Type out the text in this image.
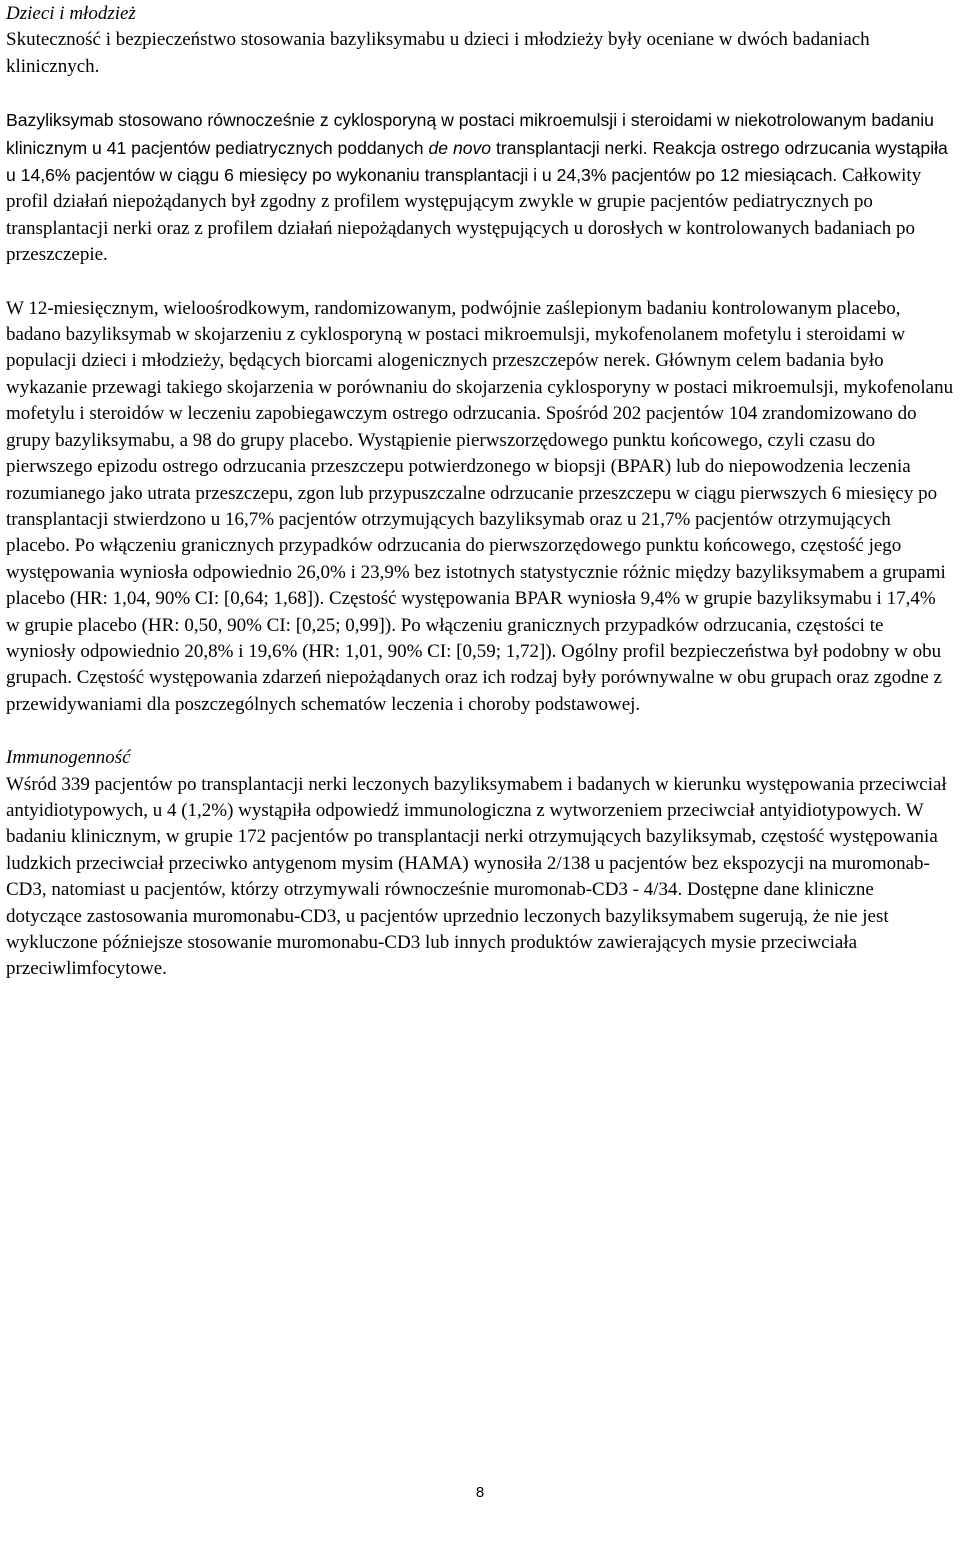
Dzieci i młodzież

Skuteczność i bezpieczeństwo stosowania bazyliksymabu u dzieci i młodzieży były oceniane w dwóch badaniach klinicznych.

Bazyliksymab stosowano równocześnie z cyklosporyną w postaci mikroemulsji i steroidami w niekotrolowanym badaniu klinicznym u 41 pacjentów pediatrycznych poddanych de novo transplantacji nerki. Reakcja ostrego odrzucania wystąpiła u 14,6% pacjentów w ciągu 6 miesięcy po wykonaniu transplantacji i u 24,3% pacjentów po 12 miesiącach. Całkowity profil działań niepożądanych był zgodny z profilem występującym zwykle w grupie pacjentów pediatrycznych po transplantacji nerki oraz z profilem działań niepożądanych występujących u dorosłych w kontrolowanych badaniach po przeszczepie.

W 12-miesięcznym, wieloośrodkowym, randomizowanym, podwójnie zaślepionym badaniu kontrolowanym placebo, badano bazyliksymab w skojarzeniu z cyklosporyną w postaci mikroemulsji, mykofenolanem mofetylu i steroidami w populacji dzieci i młodzieży, będących biorcami alogenicznych przeszczepów nerek. Głównym celem badania było wykazanie przewagi takiego skojarzenia w porównaniu do skojarzenia cyklosporyny w postaci mikroemulsji, mykofenolanu mofetylu i steroidów w leczeniu zapobiegawczym ostrego odrzucania. Spośród 202 pacjentów 104 zrandomizowano do grupy bazyliksymabu, a 98 do grupy placebo. Wystąpienie pierwszorzędowego punktu końcowego, czyli czasu do pierwszego epizodu ostrego odrzucania przeszczepu potwierdzonego w biopsji (BPAR) lub do niepowodzenia leczenia rozumianego jako utrata przeszczepu, zgon lub przypuszczalne odrzucanie przeszczepu w ciągu pierwszych 6 miesięcy po transplantacji stwierdzono u 16,7% pacjentów otrzymujących bazyliksymab oraz u 21,7% pacjentów otrzymujących placebo. Po włączeniu granicznych przypadków odrzucania do pierwszorzędowego punktu końcowego, częstość jego występowania wyniosła odpowiednio 26,0% i 23,9% bez istotnych statystycznie różnic między bazyliksymabem a grupami placebo (HR: 1,04, 90% CI: [0,64; 1,68]). Częstość występowania BPAR wyniosła 9,4% w grupie bazyliksymabu i 17,4% w grupie placebo (HR: 0,50, 90% CI: [0,25; 0,99]). Po włączeniu granicznych przypadków odrzucania, częstości te wyniosły odpowiednio 20,8% i 19,6% (HR: 1,01, 90% CI: [0,59; 1,72]). Ogólny profil bezpieczeństwa był podobny w obu grupach. Częstość występowania zdarzeń niepożądanych oraz ich rodzaj były porównywalne w obu grupach oraz zgodne z przewidywaniami dla poszczególnych schematów leczenia i choroby podstawowej.

Immunogenność

Wśród 339 pacjentów po transplantacji nerki leczonych bazyliksymabem i badanych w kierunku występowania przeciwciał antyidiotypowych, u 4 (1,2%) wystąpiła odpowiedź immunologiczna z wytworzeniem przeciwciał antyidiotypowych. W badaniu klinicznym, w grupie 172 pacjentów po transplantacji nerki otrzymujących bazyliksymab, częstość występowania ludzkich przeciwciał przeciwko antygenom mysim (HAMA) wynosiła 2/138 u pacjentów bez ekspozycji na muromonab-CD3, natomiast u pacjentów, którzy otrzymywali równocześnie muromonab-CD3 - 4/34. Dostępne dane kliniczne dotyczące zastosowania muromonabu-CD3, u pacjentów uprzednio leczonych bazyliksymabem sugerują, że nie jest wykluczone późniejsze stosowanie muromonabu-CD3 lub innych produktów zawierających mysie przeciwciała przeciwlimfocytowe.

8
